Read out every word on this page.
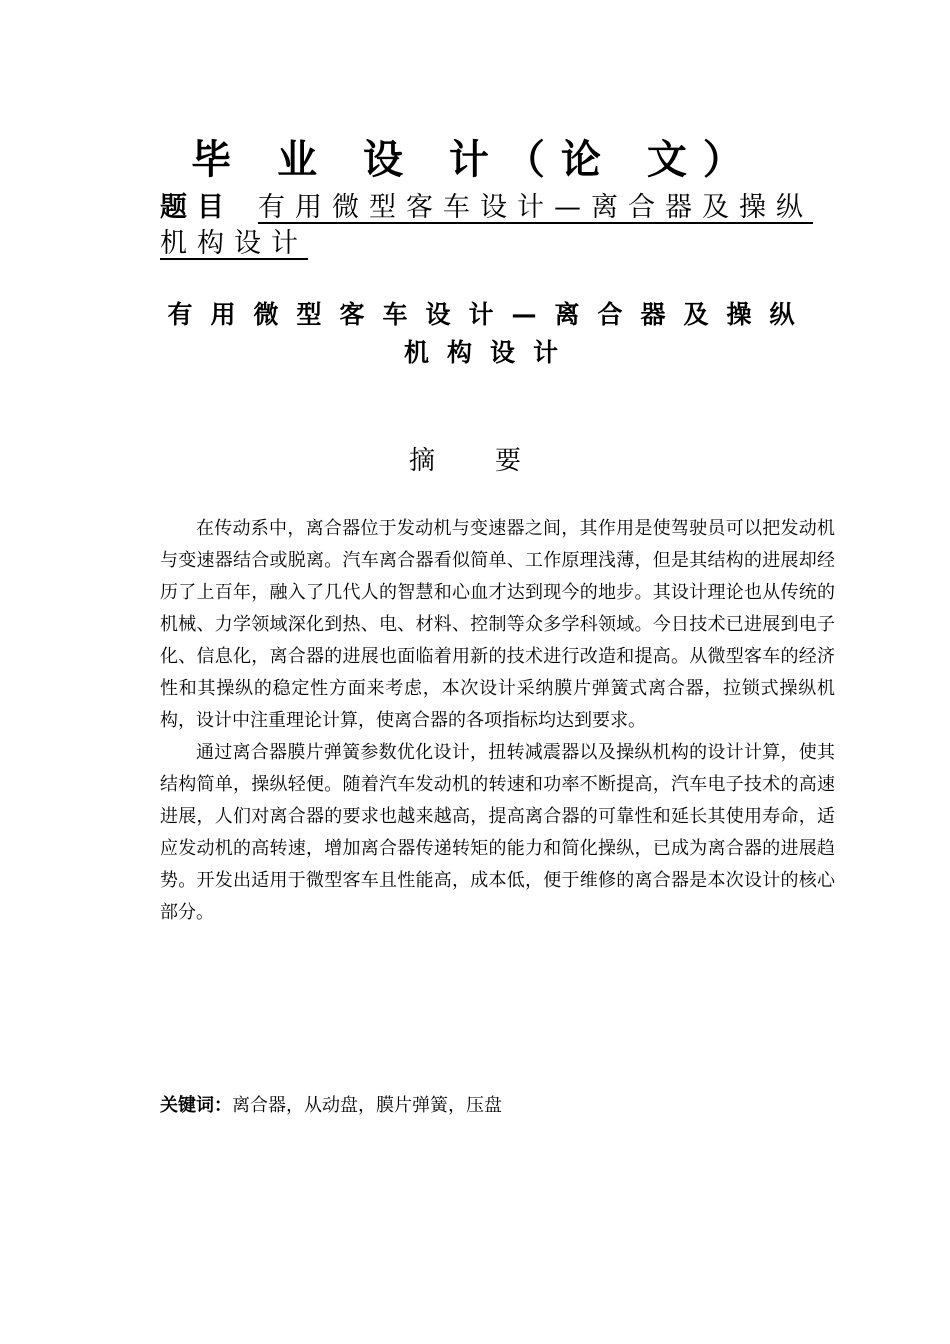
毕 业 设 计（论 文）
题目 有用微型客车设计—离合器及操纵机构设计
有用微型客车设计—离合器及操纵机构设计
摘要

在传动系中，离合器位于发动机与变速器之间，其作用是使驾驶员可以把发动机与变速器结合或脱离。汽车离合器看似简单、工作原理浅薄，但是其结构的进展却经历了上百年，融入了几代人的智慧和心血才达到现今的地步。其设计理论也从传统的机械、力学领域深化到热、电、材料、控制等众多学科领域。今日技术已进展到电子化、信息化，离合器的进展也面临着用新的技术进行改造和提高。从微型客车的经济性和其操纵的稳定性方面来考虑，本次设计采纳膜片弹簧式离合器，拉锁式操纵机构，设计中注重理论计算，使离合器的各项指标均达到要求。

通过离合器膜片弹簧参数优化设计，扭转减震器以及操纵机构的设计计算，使其结构简单，操纵轻便。随着汽车发动机的转速和功率不断提高，汽车电子技术的高速进展，人们对离合器的要求也越来越高，提高离合器的可靠性和延长其使用寿命，适应发动机的高转速，增加离合器传递转矩的能力和简化操纵，已成为离合器的进展趋势。开发出适用于微型客车且性能高，成本低，便于维修的离合器是本次设计的核心部分。

关键词：离合器，从动盘，膜片弹簧，压盘
